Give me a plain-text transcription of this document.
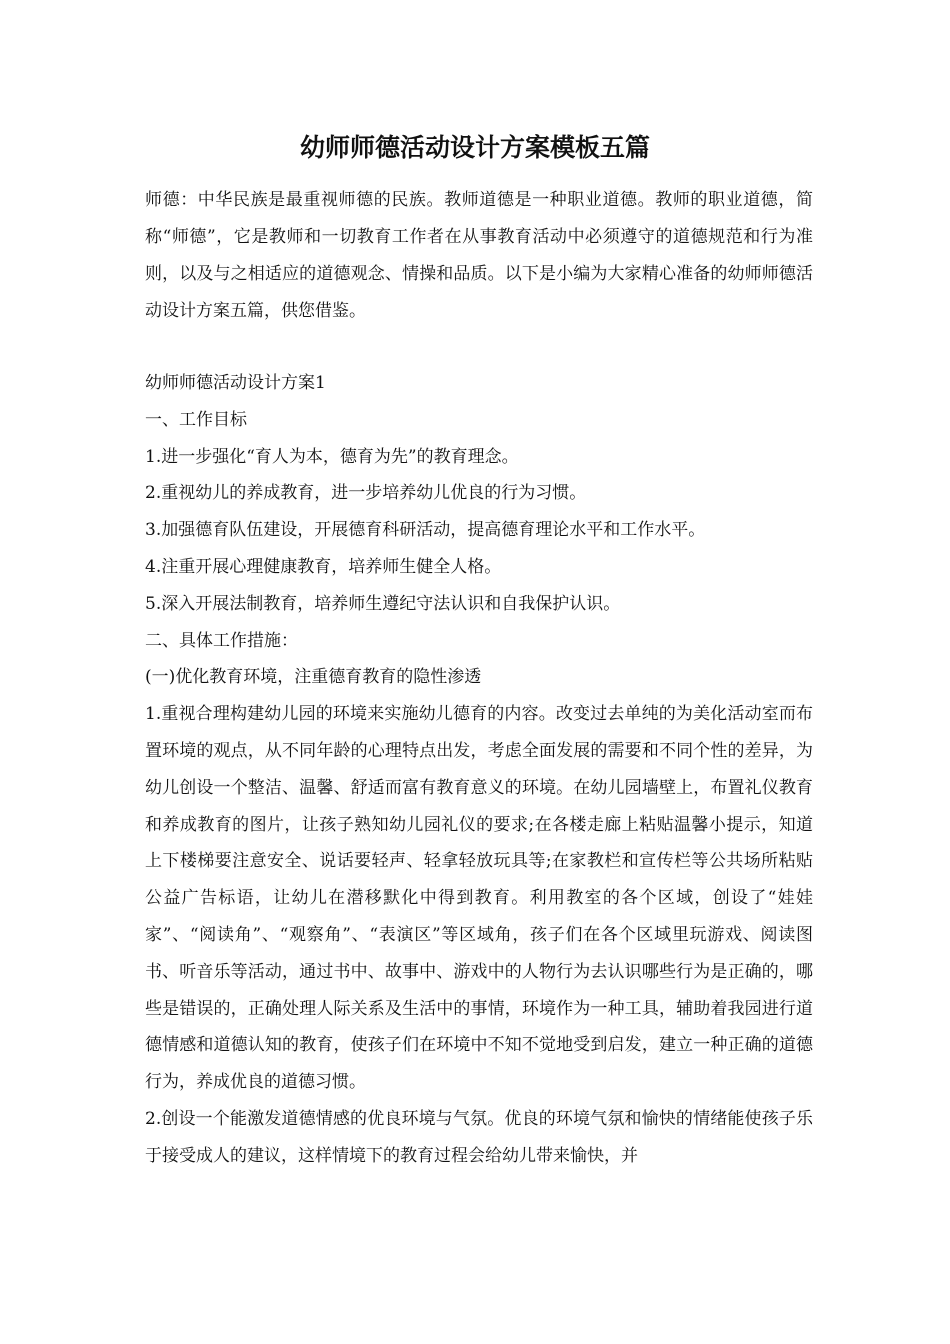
幼师师德活动设计方案模板五篇

师德：中华民族是最重视师德的民族。教师道德是一种职业道德。教师的职业道德，简称“师德”，它是教师和一切教育工作者在从事教育活动中必须遵守的道德规范和行为准则，以及与之相适应的道德观念、情操和品质。以下是小编为大家精心准备的幼师师德活动设计方案五篇，供您借鉴。

幼师师德活动设计方案1

一、工作目标

1.进一步强化“育人为本，德育为先”的教育理念。

2.重视幼儿的养成教育，进一步培养幼儿优良的行为习惯。

3.加强德育队伍建设，开展德育科研活动，提高德育理论水平和工作水平。

4.注重开展心理健康教育，培养师生健全人格。

5.深入开展法制教育，培养师生遵纪守法认识和自我保护认识。

二、具体工作措施：

(一)优化教育环境，注重德育教育的隐性渗透

1.重视合理构建幼儿园的环境来实施幼儿德育的内容。改变过去单纯的为美化活动室而布置环境的观点，从不同年龄的心理特点出发，考虑全面发展的需要和不同个性的差异，为幼儿创设一个整洁、温馨、舒适而富有教育意义的环境。在幼儿园墙壁上，布置礼仪教育和养成教育的图片，让孩子熟知幼儿园礼仪的要求;在各楼走廊上粘贴温馨小提示，知道上下楼梯要注意安全、说话要轻声、轻拿轻放玩具等;在家教栏和宣传栏等公共场所粘贴公益广告标语，让幼儿在潜移默化中得到教育。利用教室的各个区域，创设了“娃娃家”、“阅读角”、“观察角”、“表演区”等区域角，孩子们在各个区域里玩游戏、阅读图书、听音乐等活动，通过书中、故事中、游戏中的人物行为去认识哪些行为是正确的，哪些是错误的，正确处理人际关系及生活中的事情，环境作为一种工具，辅助着我园进行道德情感和道德认知的教育，使孩子们在环境中不知不觉地受到启发，建立一种正确的道德行为，养成优良的道德习惯。

2.创设一个能激发道德情感的优良环境与气氛。优良的环境气氛和愉快的情绪能使孩子乐于接受成人的建议，这样情境下的教育过程会给幼儿带来愉快，并
